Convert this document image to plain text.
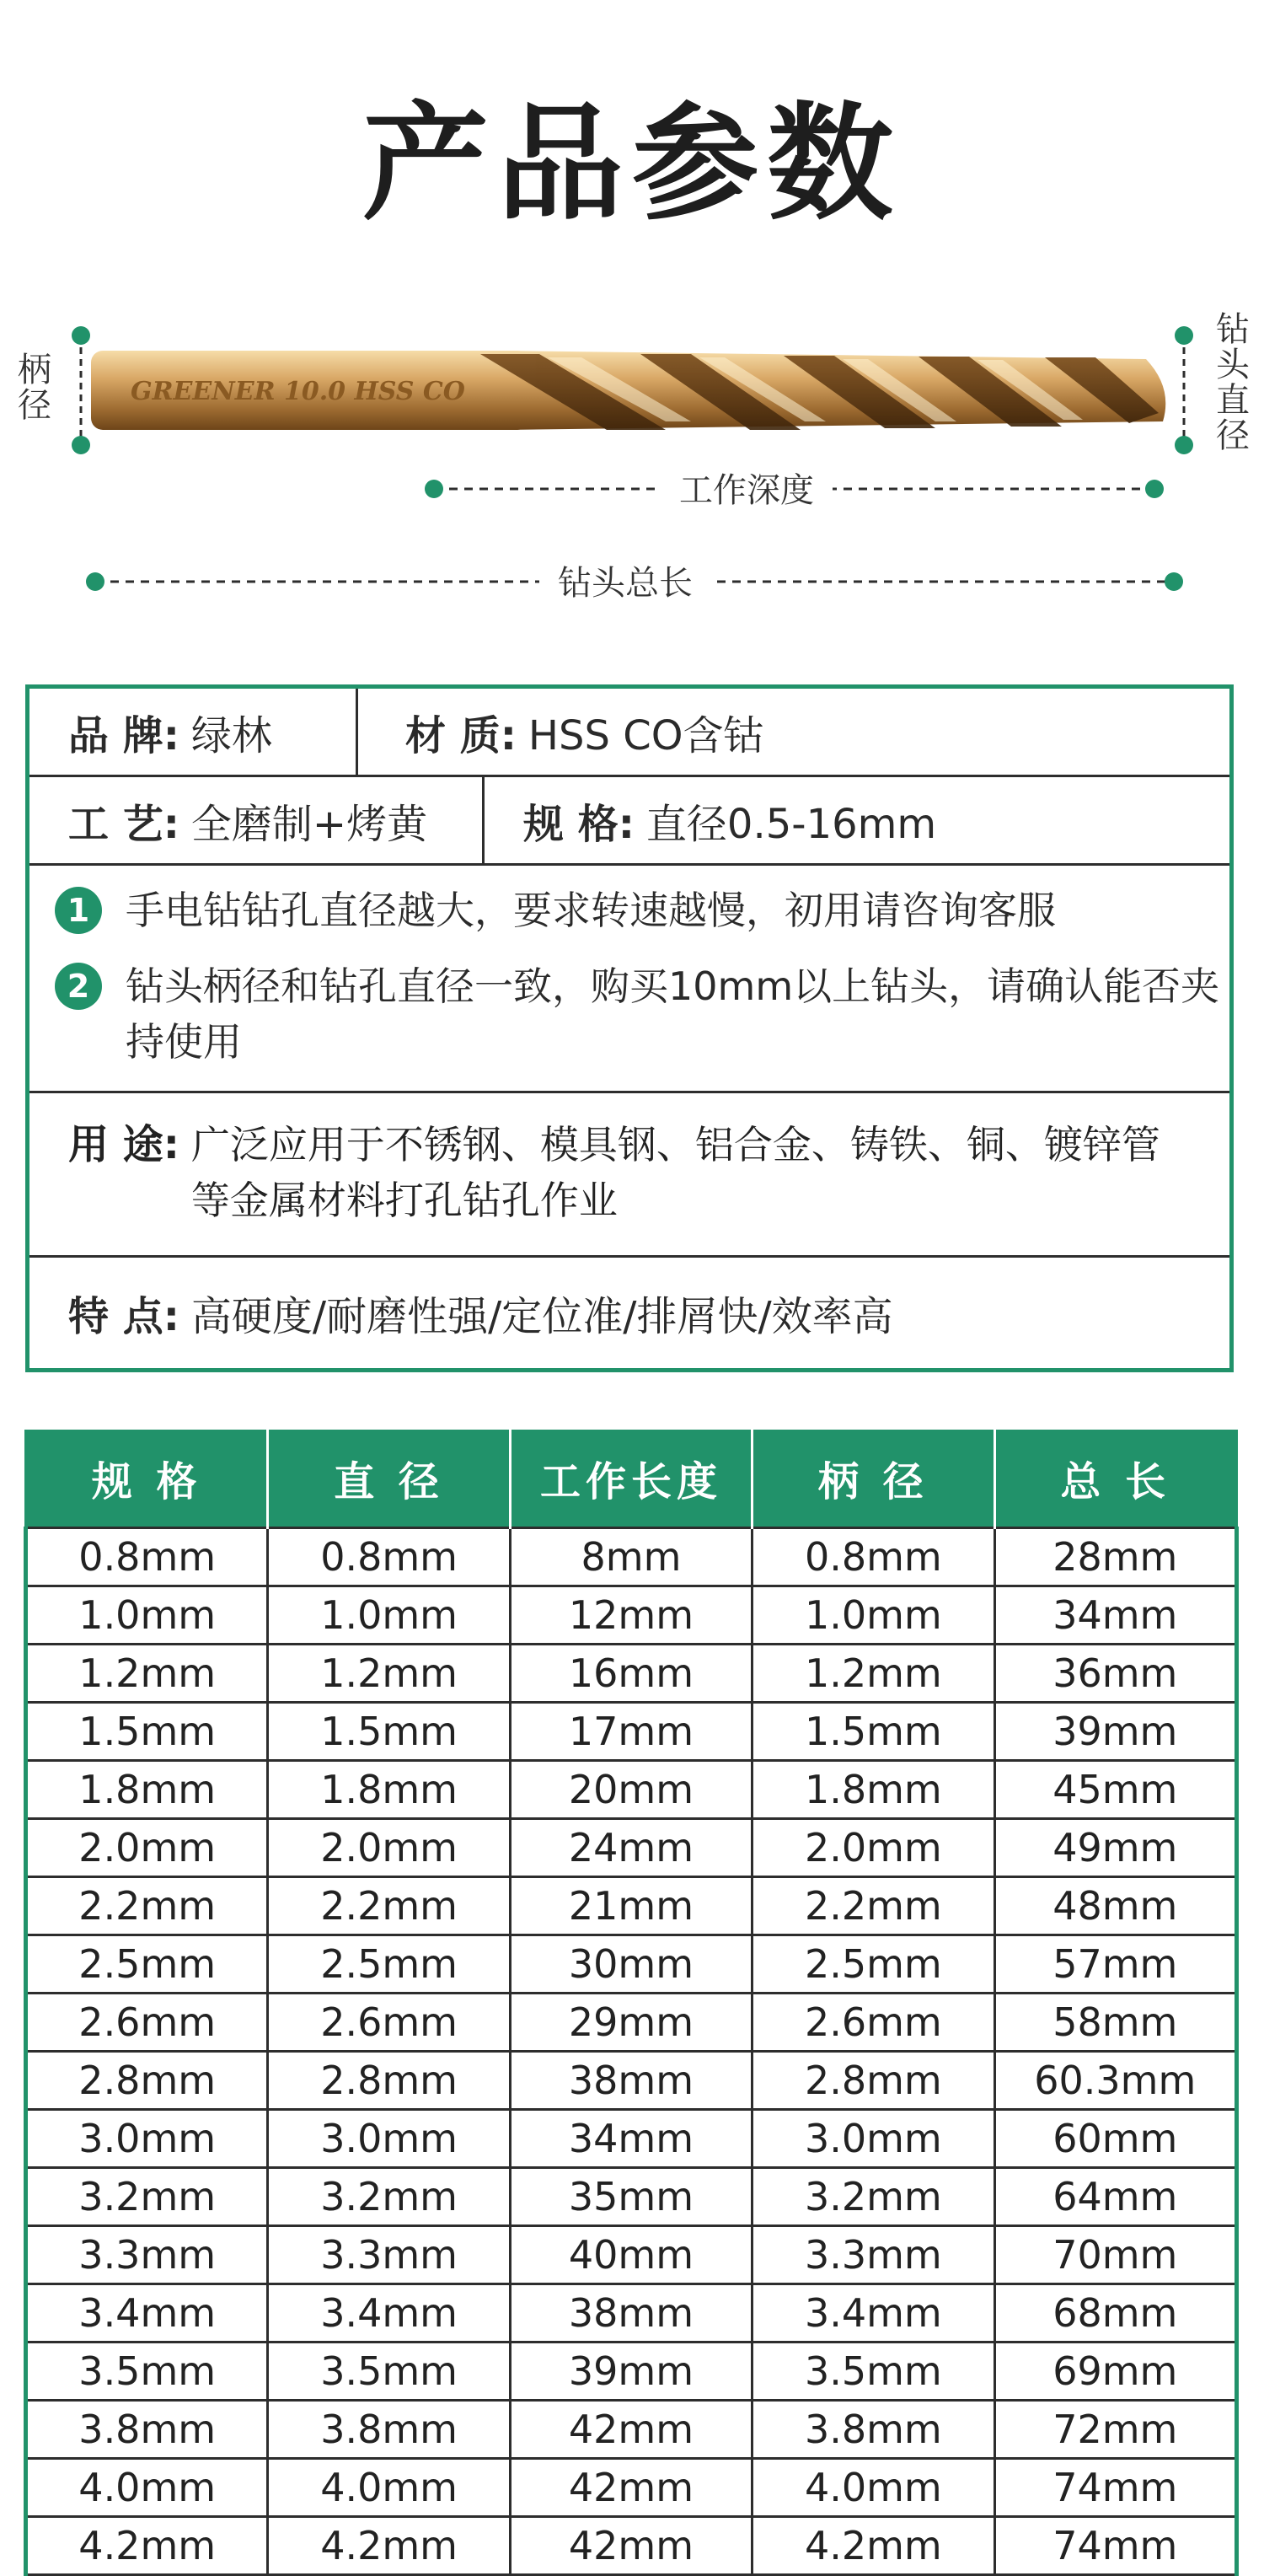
产品参数
GREENER 10.0 HSS CO
柄径
钻头直径
工作深度
钻头总长
品 牌: 绿林	材 质: HSS CO含钴
工 艺: 全磨制+烤黄 规 格: 直径0.5-16mm
1 手电钻钻孔直径越大，要求转速越慢，初用请咨询客服
2 钻头柄径和钻孔直径一致，购买10mm以上钻头，请确认能否夹持使用
用 途: 广泛应用于不锈钢、模具钢、铝合金、铸铁、铜、镀锌管等金属材料打孔钻孔作业
特 点: 高硬度/耐磨性强/定位准/排屑快/效率高
规 格	直 径	工作长度	柄 径	总 长
0.8mm	0.8mm	8mm	0.8mm	28mm
1.0mm	1.0mm	12mm	1.0mm	34mm
1.2mm	1.2mm	16mm	1.2mm	36mm
1.5mm	1.5mm	17mm	1.5mm	39mm
1.8mm	1.8mm	20mm	1.8mm	45mm
2.0mm	2.0mm	24mm	2.0mm	49mm
2.2mm	2.2mm	21mm	2.2mm	48mm
2.5mm	2.5mm	30mm	2.5mm	57mm
2.6mm	2.6mm	29mm	2.6mm	58mm
2.8mm	2.8mm	38mm	2.8mm	60.3mm
3.0mm	3.0mm	34mm	3.0mm	60mm
3.2mm	3.2mm	35mm	3.2mm	64mm
3.3mm	3.3mm	40mm	3.3mm	70mm
3.4mm	3.4mm	38mm	3.4mm	68mm
3.5mm	3.5mm	39mm	3.5mm	69mm
3.8mm	3.8mm	42mm	3.8mm	72mm
4.0mm	4.0mm	42mm	4.0mm	74mm
4.2mm	4.2mm	42mm	4.2mm	74mm
